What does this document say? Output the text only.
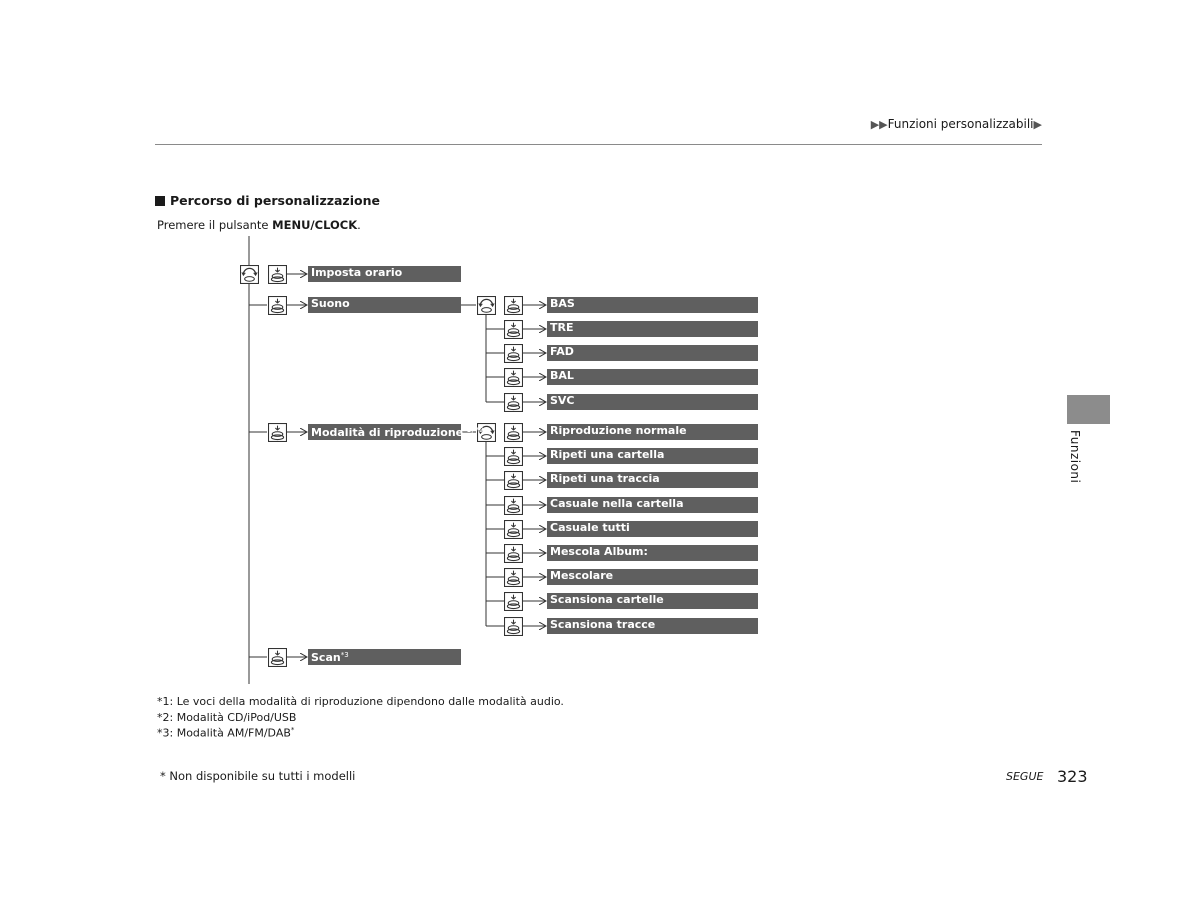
▶▶Funzioni personalizzabili▶
Percorso di personalizzazione
Premere il pulsante MENU/CLOCK.
Imposta orario
Suono
Modalità di riproduzione$^{*1, *2}$
Scan$^{*3}$
BAS
TRE
FAD
BAL
SVC
Riproduzione normale
Ripeti una cartella
Ripeti una traccia
Casuale nella cartella
Casuale tutti
Mescola Album:
Mescolare
Scansiona cartelle
Scansiona tracce
*1: Le voci della modalità di riproduzione dipendono dalle modalità audio.
*2: Modalità CD/iPod/USB
*3: Modalità AM/FM/DAB*
* Non disponibile su tutti i modelli	SEGUE 323
Funzioni
